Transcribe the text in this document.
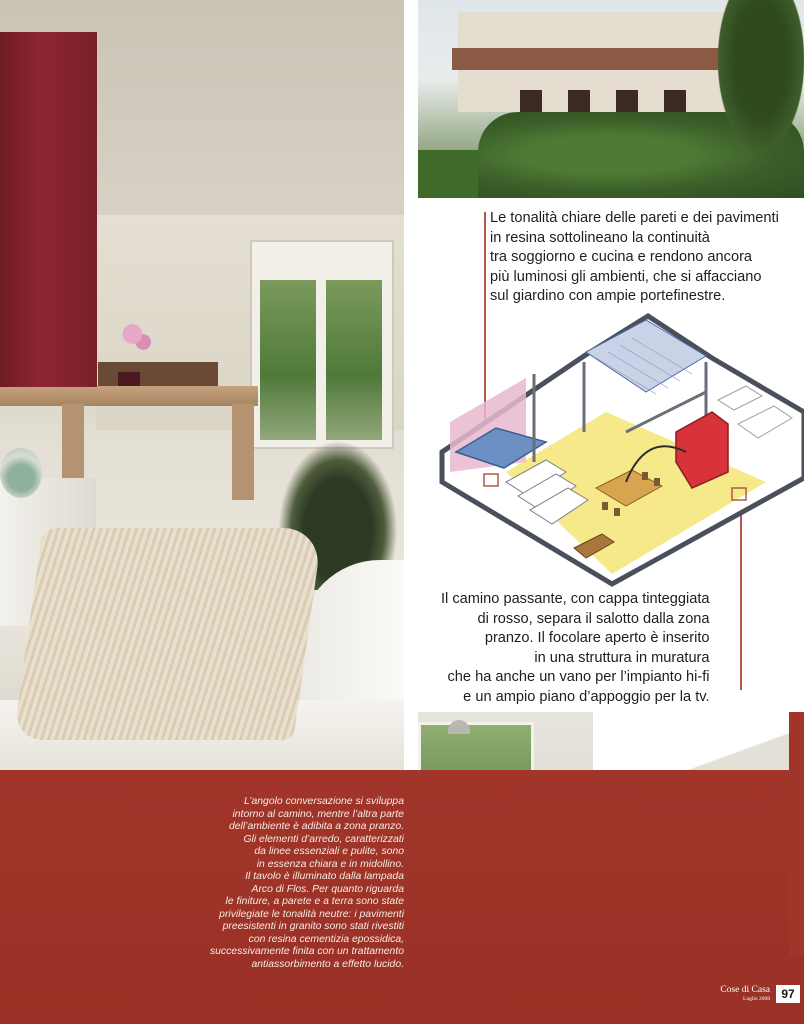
Le tonalità chiare delle pareti e dei pavimenti
in resina sottolineano la continuità
tra soggiorno e cucina e rendono ancora
più luminosi gli ambienti, che si affacciano
sul giardino con ampie portefinestre.

Il camino passante, con cappa tinteggiata
di rosso, separa il salotto dalla zona
pranzo. Il focolare aperto è inserito
in una struttura in muratura
che ha anche un vano per l’impianto hi-fi
e un ampio piano d’appoggio per la tv.

L’angolo conversazione si sviluppa
intorno al camino, mentre l’altra parte
dell’ambiente è adibita a zona pranzo.
Gli elementi d’arredo, caratterizzati
da linee essenziali e pulite, sono
in essenza chiara e in midollino.
Il tavolo è illuminato dalla lampada
Arco di Flos. Per quanto riguarda
le finiture, a parete e a terra sono state
privilegiate le tonalità neutre: i pavimenti
preesistenti in granito sono stati rivestiti
con resina cementizia epossidica,
successivamente finita con un trattamento
antiassorbimento a effetto lucido.

Cose di Casa
Luglio 2008 97
